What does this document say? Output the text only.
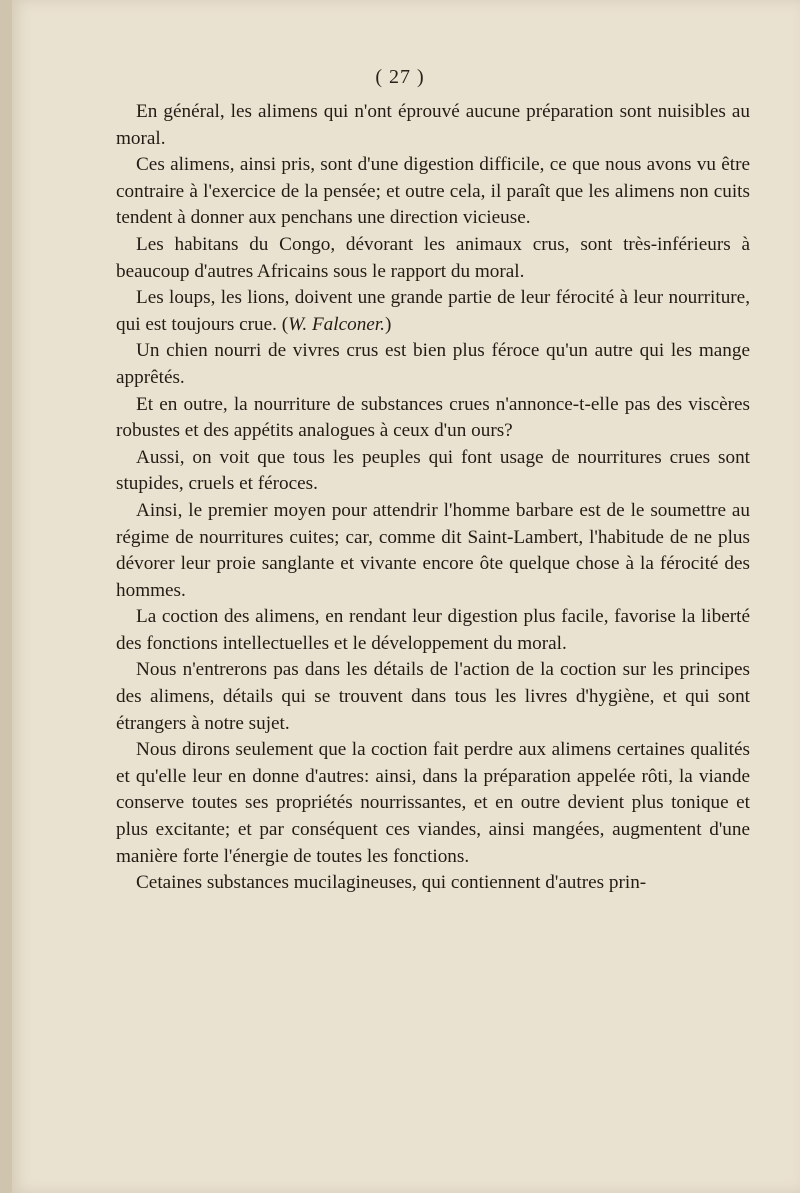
( 27 )

En général, les alimens qui n'ont éprouvé aucune préparation sont nuisibles au moral.

Ces alimens, ainsi pris, sont d'une digestion difficile, ce que nous avons vu être contraire à l'exercice de la pensée; et outre cela, il paraît que les alimens non cuits tendent à donner aux penchans une direction vicieuse.

Les habitans du Congo, dévorant les animaux crus, sont très-inférieurs à beaucoup d'autres Africains sous le rapport du moral.

Les loups, les lions, doivent une grande partie de leur férocité à leur nourriture, qui est toujours crue. (W. Falconer.)

Un chien nourri de vivres crus est bien plus féroce qu'un autre qui les mange apprêtés.

Et en outre, la nourriture de substances crues n'annonce-t-elle pas des viscères robustes et des appétits analogues à ceux d'un ours?

Aussi, on voit que tous les peuples qui font usage de nourritures crues sont stupides, cruels et féroces.

Ainsi, le premier moyen pour attendrir l'homme barbare est de le soumettre au régime de nourritures cuites; car, comme dit Saint-Lambert, l'habitude de ne plus dévorer leur proie sanglante et vivante encore ôte quelque chose à la férocité des hommes.

La coction des alimens, en rendant leur digestion plus facile, favorise la liberté des fonctions intellectuelles et le développement du moral.

Nous n'entrerons pas dans les détails de l'action de la coction sur les principes des alimens, détails qui se trouvent dans tous les livres d'hygiène, et qui sont étrangers à notre sujet.

Nous dirons seulement que la coction fait perdre aux alimens certaines qualités et qu'elle leur en donne d'autres: ainsi, dans la préparation appelée rôti, la viande conserve toutes ses propriétés nourrissantes, et en outre devient plus tonique et plus excitante; et par conséquent ces viandes, ainsi mangées, augmentent d'une manière forte l'énergie de toutes les fonctions.

Cetaines substances mucilagineuses, qui contiennent d'autres prin-
